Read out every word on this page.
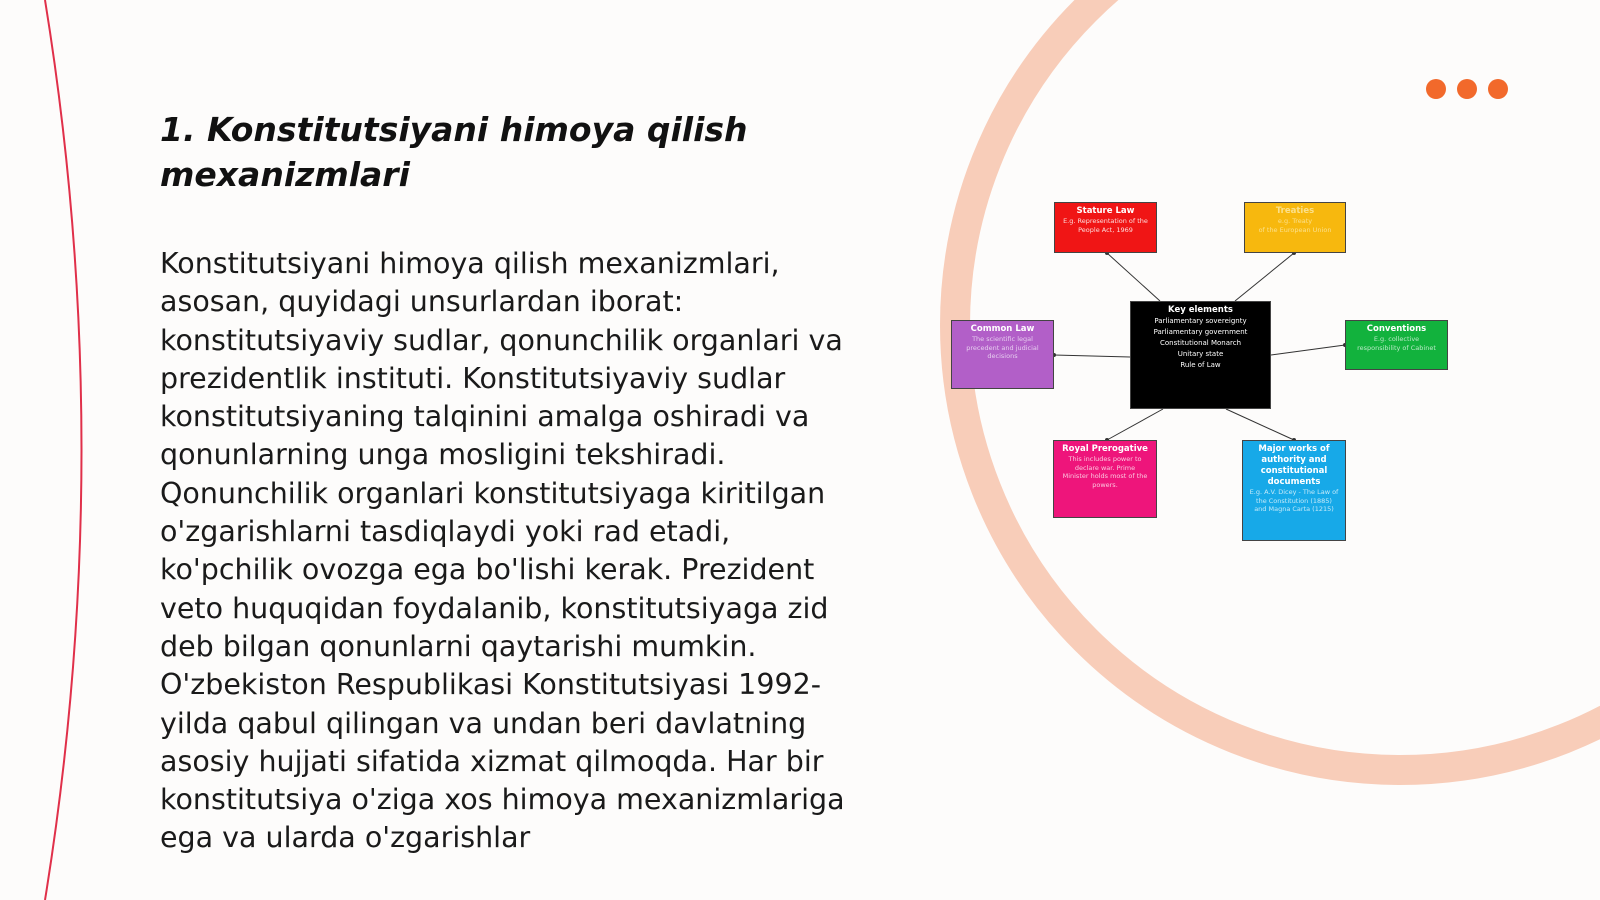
1. Konstitutsiyani himoya qilish mexanizmlari

Konstitutsiyani himoya qilish mexanizmlari, asosan, quyidagi unsurlardan iborat: konstitutsiyaviy sudlar, qonunchilik organlari va prezidentlik instituti. Konstitutsiyaviy sudlar konstitutsiyaning talqinini amalga oshiradi va qonunlarning unga mosligini tekshiradi. Qonunchilik organlari konstitutsiyaga kiritilgan o'zgarishlarni tasdiqlaydi yoki rad etadi, ko'pchilik ovozga ega bo'lishi kerak. Prezident veto huquqidan foydalanib, konstitutsiyaga zid deb bilgan qonunlarni qaytarishi mumkin. O'zbekiston Respublikasi Konstitutsiyasi 1992-yilda qabul qilingan va undan beri davlatning asosiy hujjati sifatida xizmat qilmoqda. Har bir konstitutsiya o'ziga xos himoya mexanizmlariga ega va ularda o'zgarishlar

Stature Law
E.g. Representation of the
People Act, 1969
Treaties
e.g. Treaty
of the European Union
Common Law
The scientific legal
precedent and judicial
decisions
Key elements
Parliamentary sovereignty
Parliamentary government
Constitutional Monarch
Unitary state
Rule of Law
Conventions
E.g. collective
responsibility of Cabinet
Royal Prerogative
This includes power to
declare war. Prime
Minister holds most of the
powers.
Major works of authority and constitutional documents
E.g. A.V. Dicey - The Law of
the Constitution (1885)
and Magna Carta (1215)
